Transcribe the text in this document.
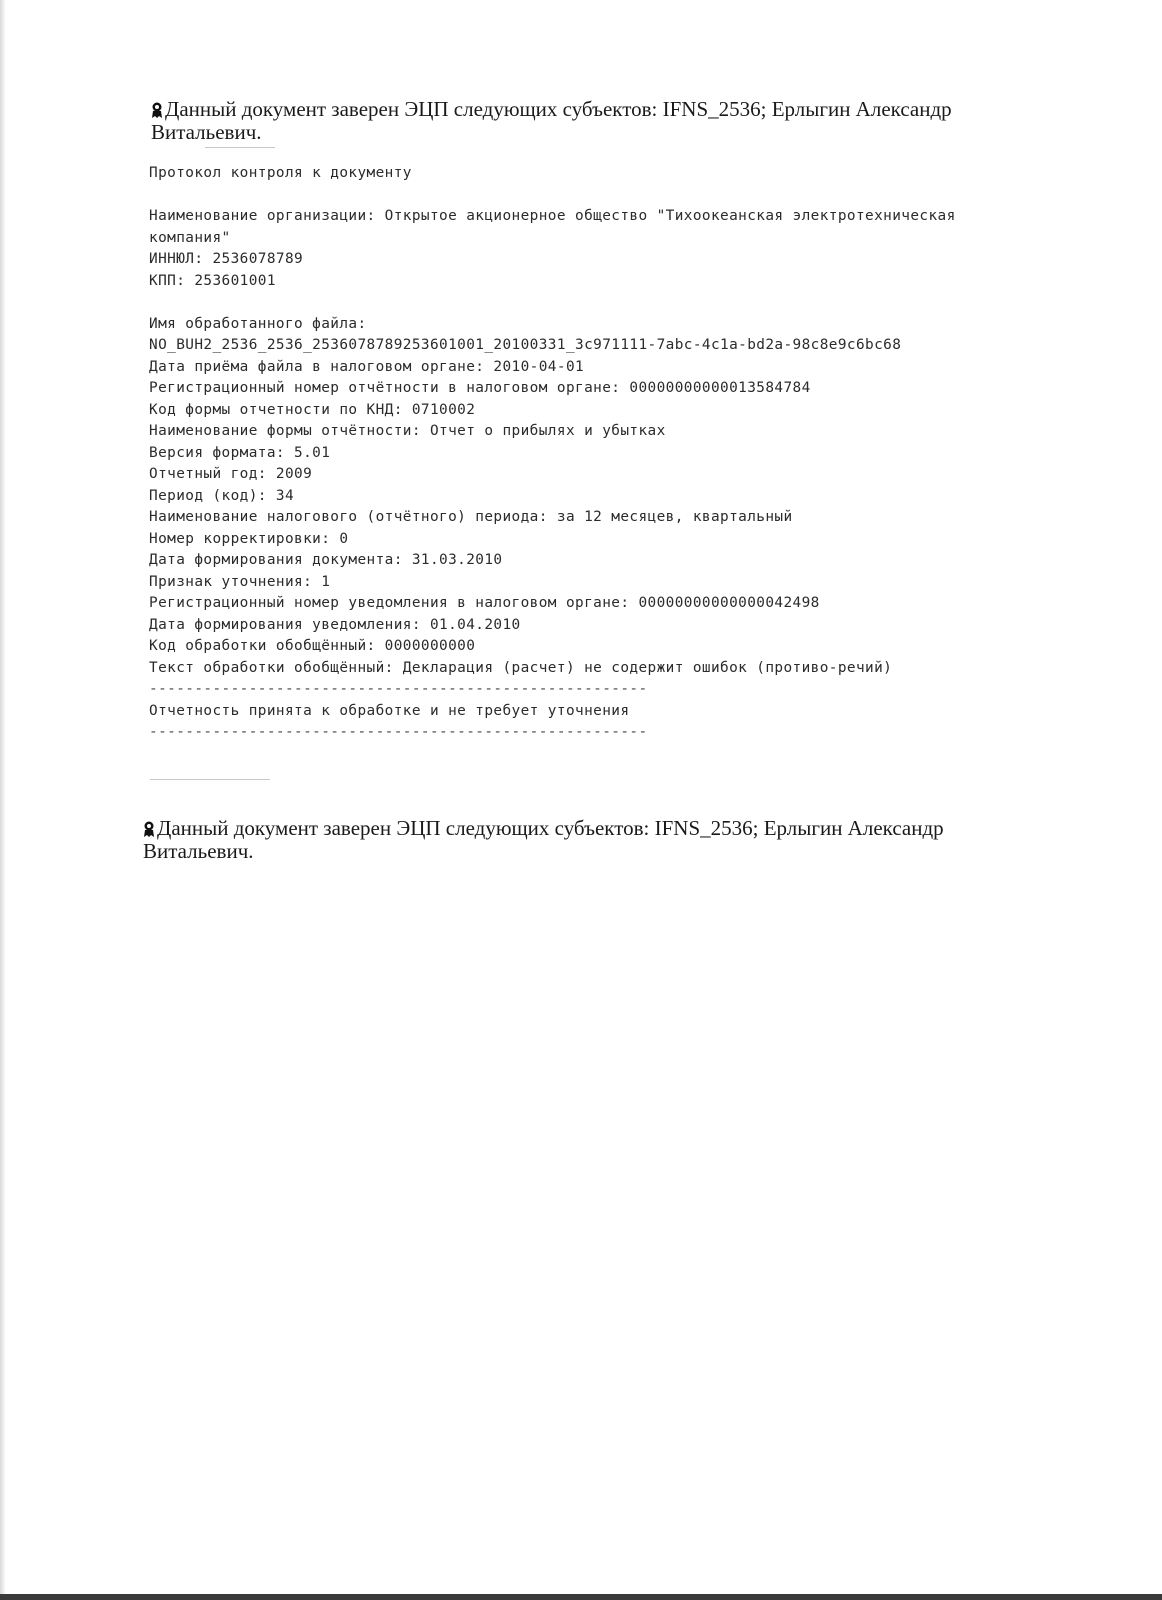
Данный документ заверен ЭЦП следующих субъектов: IFNS_2536; Ерлыгин Александр Витальевич.
Протокол контроля к документу
Наименование организации: Открытое акционерное общество "Тихоокеанская электротехническая компания"
ИННЮЛ: 2536078789
КПП: 253601001
Имя обработанного файла:
NO_BUH2_2536_2536_2536078789253601001_20100331_3c971111-7abc-4c1a-bd2a-98c8e9c6bc68
Дата приёма файла в налоговом органе: 2010-04-01
Регистрационный номер отчётности в налоговом органе: 00000000000013584784
Код формы отчетности по КНД: 0710002
Наименование формы отчётности: Отчет о прибылях и убытках
Версия формата: 5.01
Отчетный год: 2009
Период (код): 34
Наименование налогового (отчётного) периода: за 12 месяцев, квартальный
Номер корректировки: 0
Дата формирования документа: 31.03.2010
Признак уточнения: 1
Регистрационный номер уведомления в налоговом органе: 00000000000000042498
Дата формирования уведомления: 01.04.2010
Код обработки обобщённый: 0000000000
Текст обработки обобщённый: Декларация (расчет) не содержит ошибок (противо-речий)
-------------------------------------------------------
Отчетность принята к обработке и не требует уточнения
-------------------------------------------------------
Данный документ заверен ЭЦП следующих субъектов: IFNS_2536; Ерлыгин Александр Витальевич.
